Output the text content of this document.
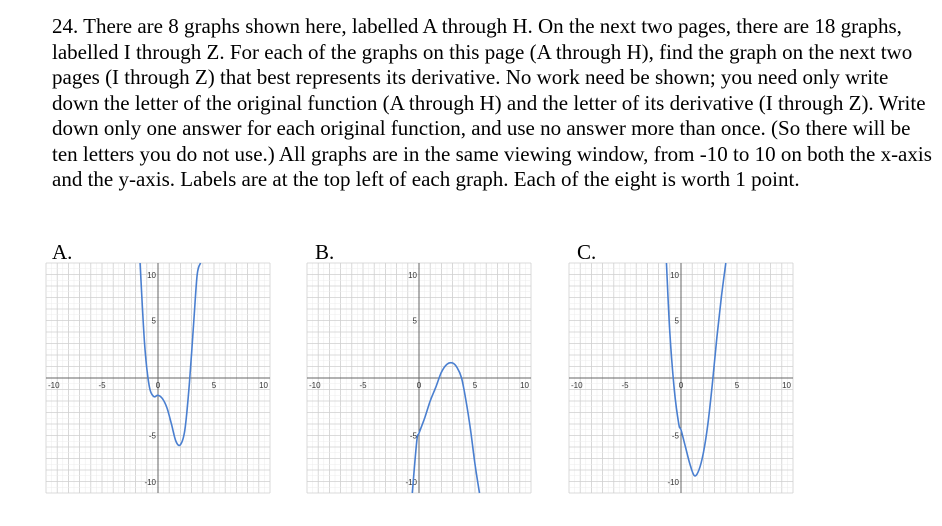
24. There are 8 graphs shown here, labelled A through H. On the next two pages, there are 18 graphs, labelled I through Z. For each of the graphs on this page (A through H), find the graph on the next two pages (I through Z) that best represents its derivative. No work need be shown; you need only write down the letter of the original function (A through H) and the letter of its derivative (I through Z). Write down only one answer for each original function, and use no answer more than once. (So there will be ten letters you do not use.) All graphs are in the same viewing window, from -10 to 10 on both the x-axis and the y-axis. Labels are at the top left of each graph. Each of the eight is worth 1 point.

A.	B.	C.

-10	-5	0	5	10
10
5
-5
-10
-10	-5	0	5	10
10
5
-5
-10
-10	-5	0	5	10
10
5
-5
-10
